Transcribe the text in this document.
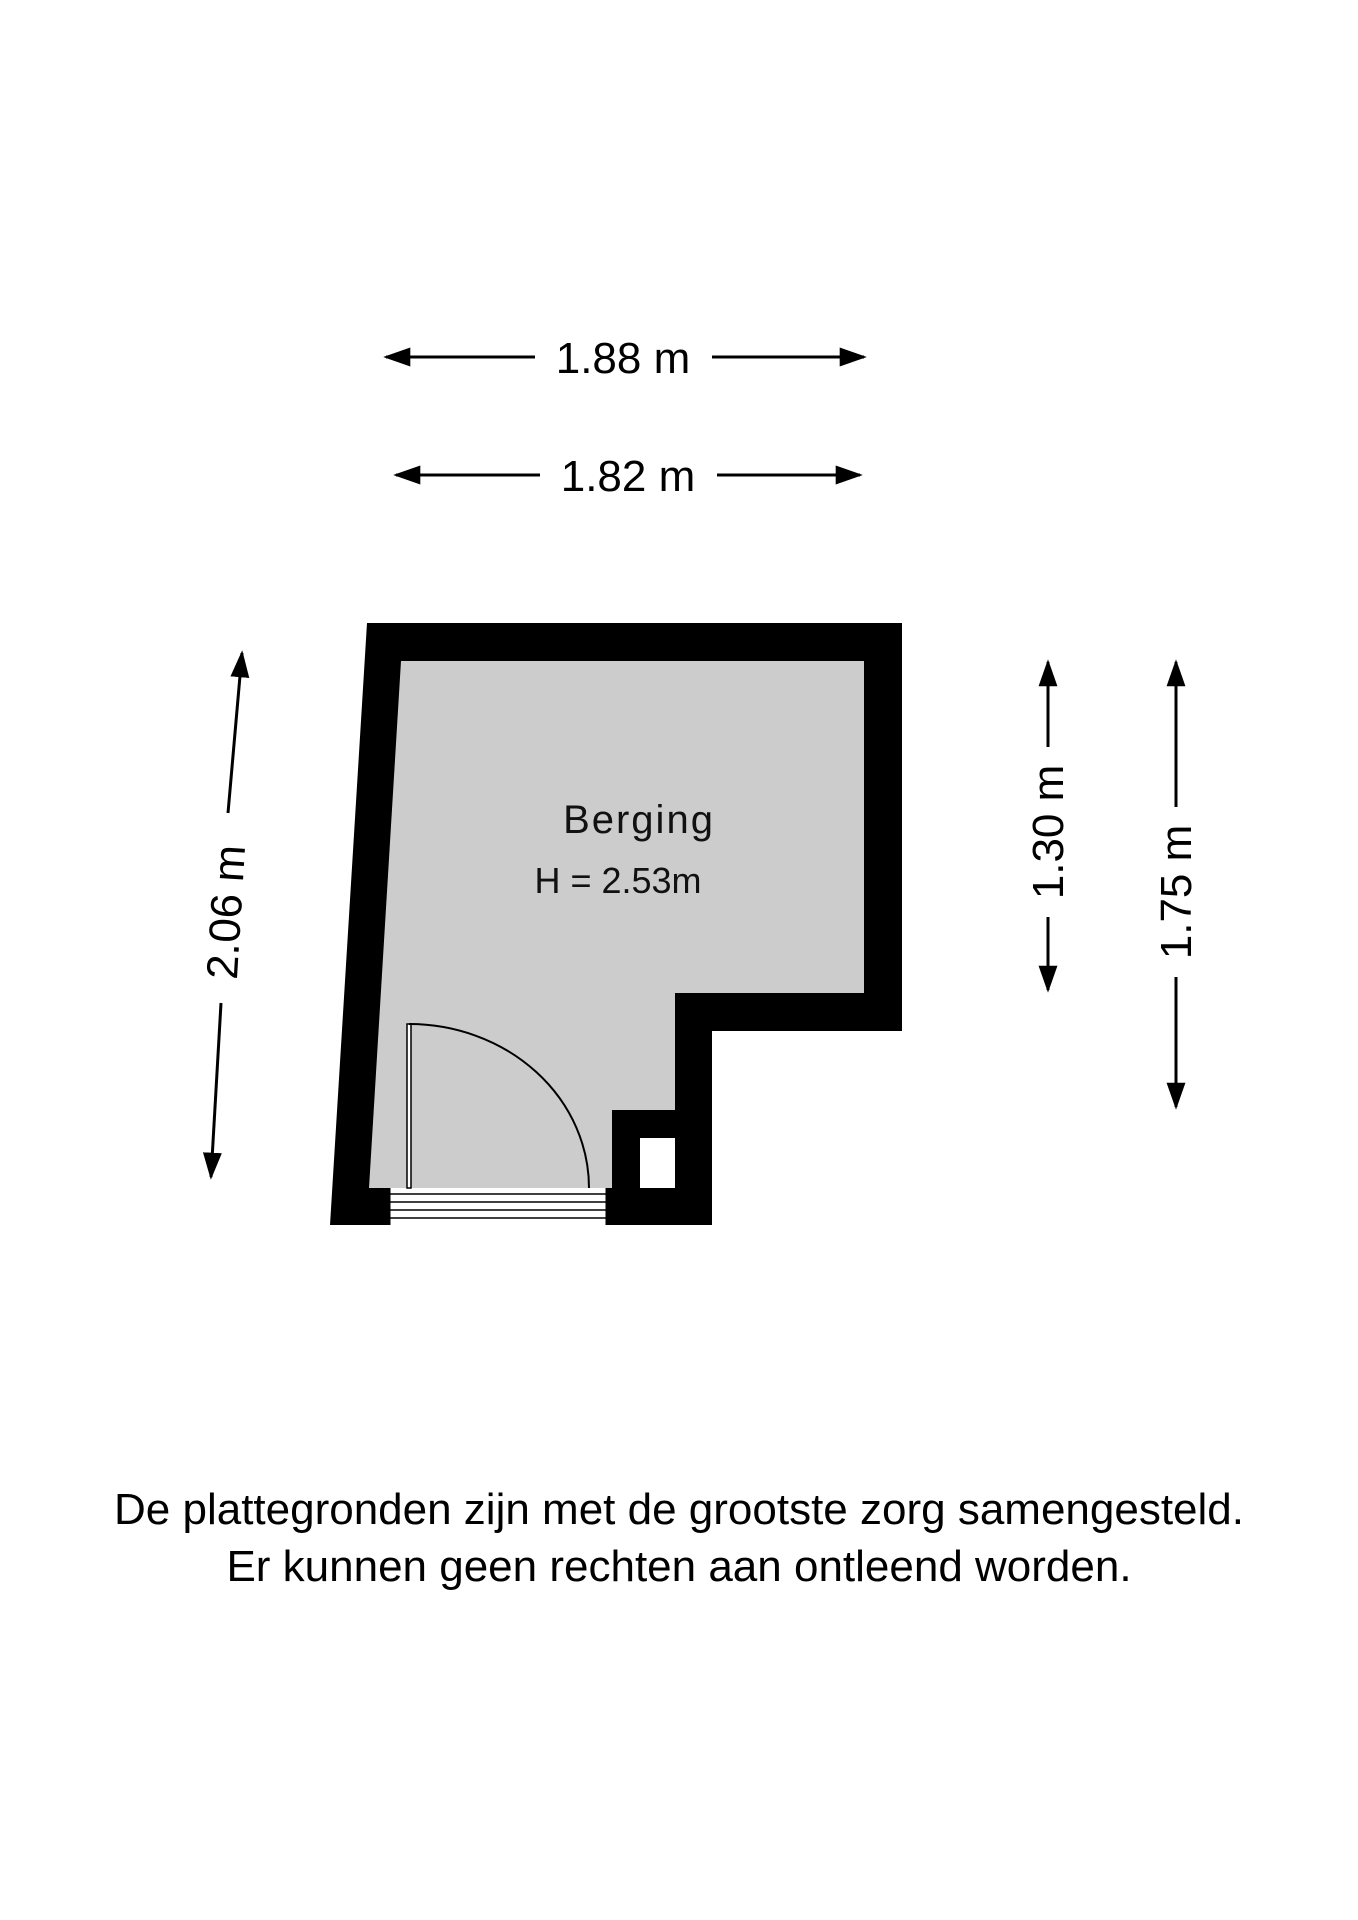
1.88 m
1.82 m
2.06 m
1.30 m 1.75 m
Berging
H = 2.53m

De plattegronden zijn met de grootste zorg samengesteld.

Er kunnen geen rechten aan ontleend worden.
